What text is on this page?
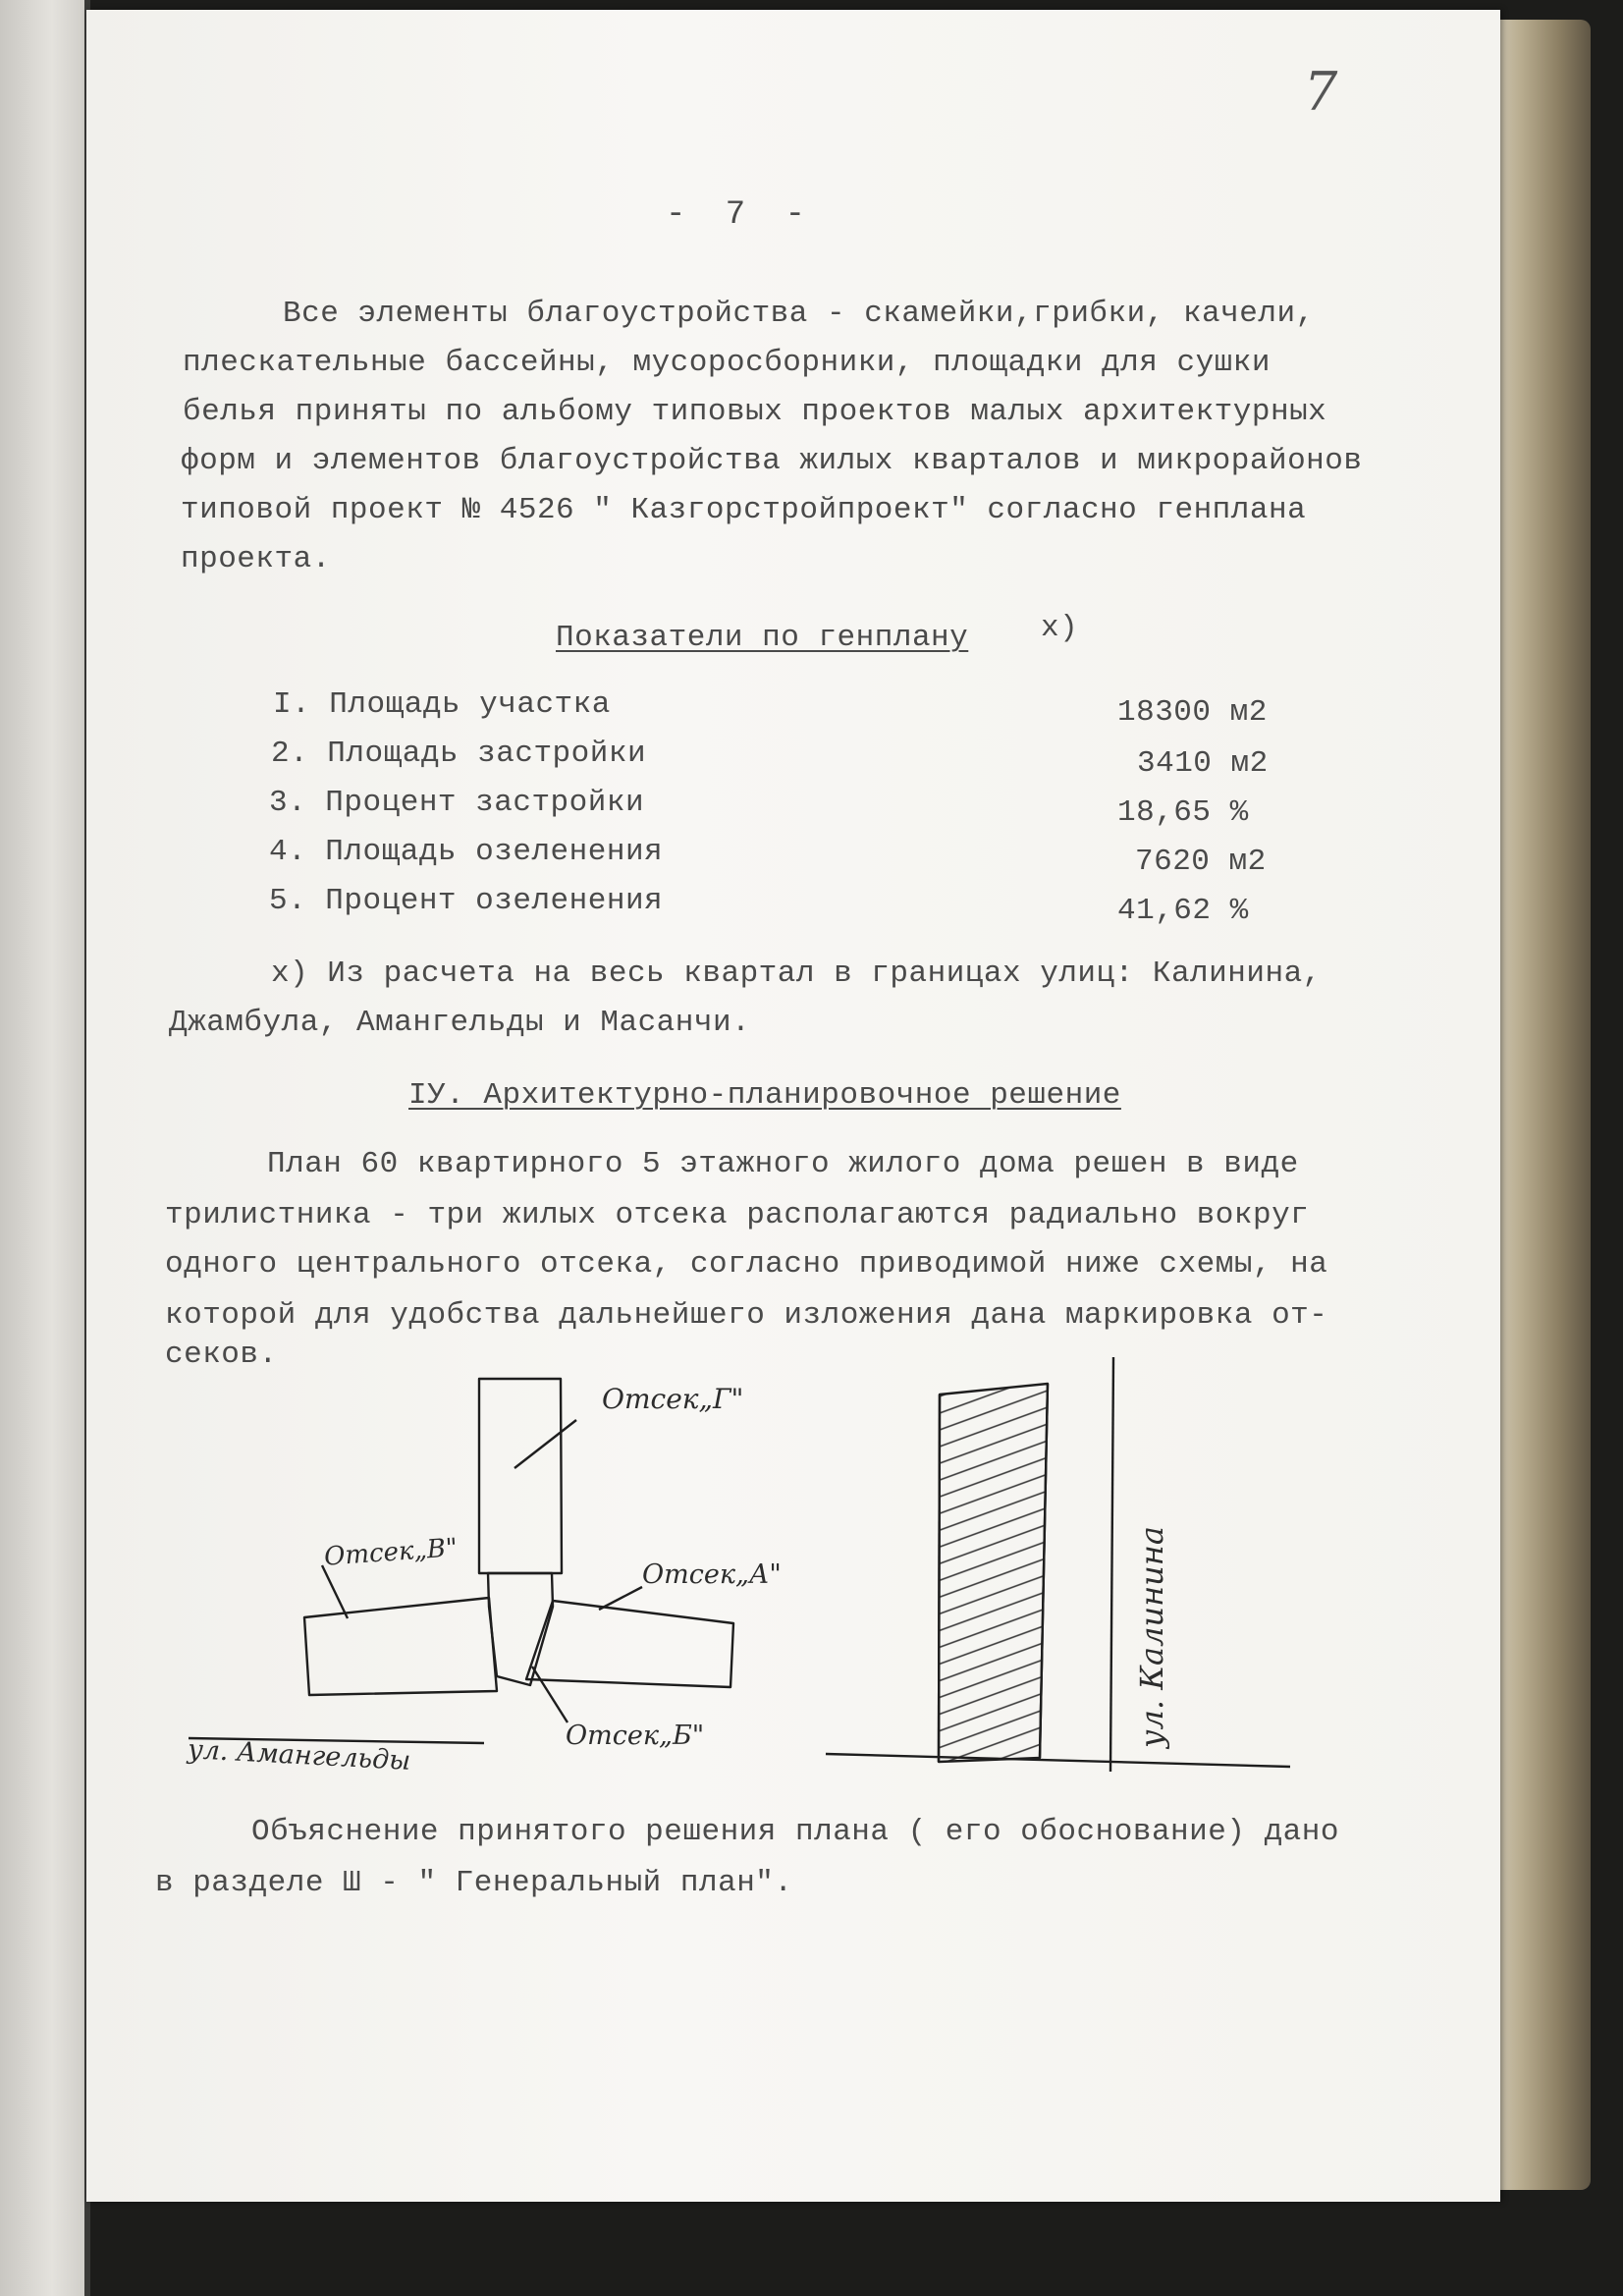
7
- 7 -
Все элементы благоустройства - скамейки,грибки, качели,
плескательные бассейны, мусоросборники, площадки для сушки
белья приняты по альбому типовых проектов малых архитектурных
форм и элементов благоустройства жилых кварталов и микрорайонов
типовой проект № 4526 " Казгорстройпроект" согласно генплана
проекта.
Показатели по генплану x)
I. Площадь участка	18300 м2
2. Площадь застройки	3410 м2
3. Процент застройки	18,65 %
4. Площадь озеленения	7620 м2
5. Процент озеленения	41,62 %
x) Из расчета на весь квартал в границах улиц: Калинина,
Джамбула, Амангельды и Масанчи.
IУ. Архитектурно-планировочное решение
План 60 квартирного 5 этажного жилого дома решен в виде
трилистника - три жилых отсека располагаются радиально вокруг
одного центрального отсека, согласно приводимой ниже схемы, на
которой для удобства дальнейшего изложения дана маркировка от-
секов.
Отсек„Г"
Отсек„В"
Отсек„А"
Отсек„Б"
ул. Амангельды
ул. Калинина
Объяснение принятого решения плана ( его обоснование) дано
в разделе Ш - " Генеральный план".
